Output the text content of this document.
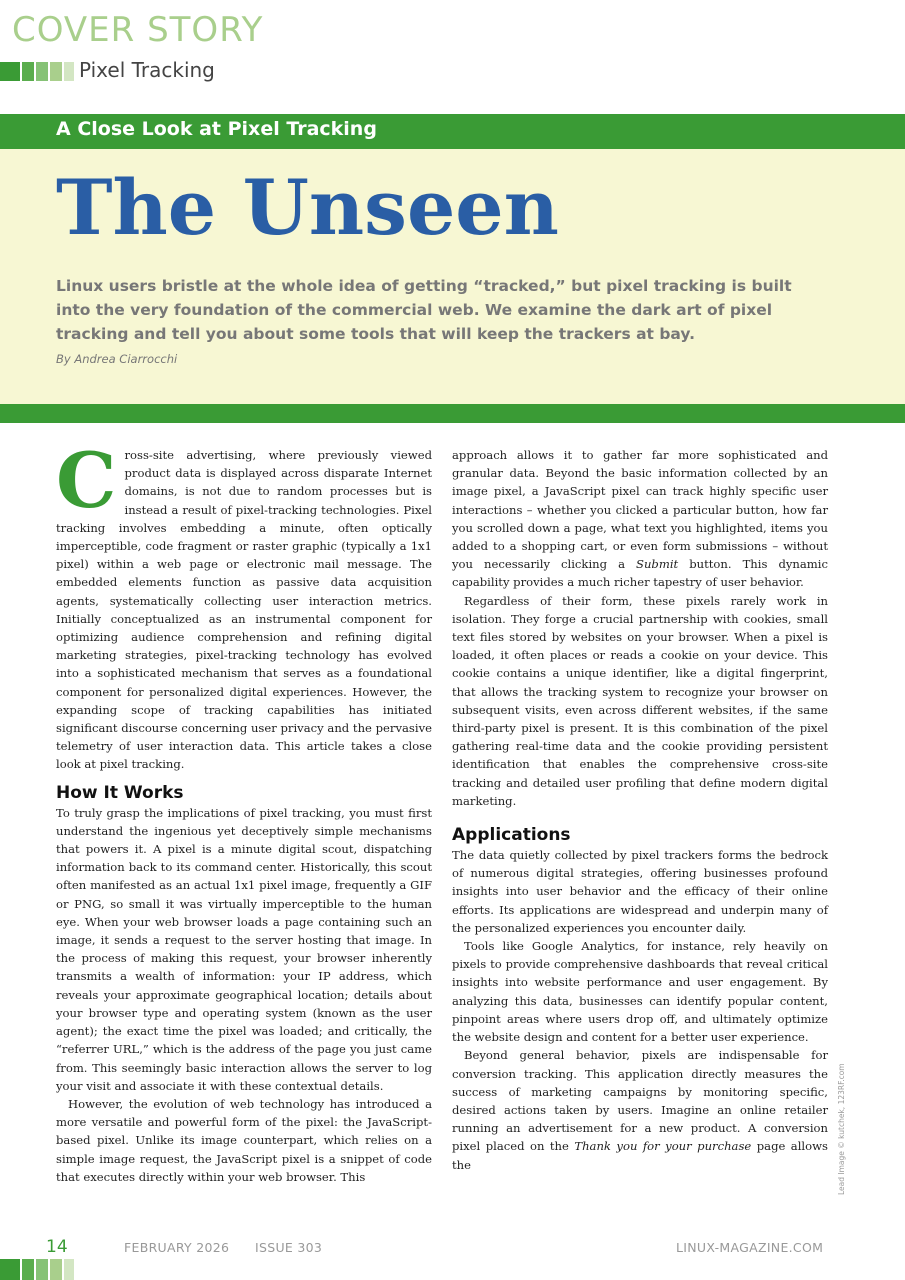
COVER STORY
Pixel Tracking
A Close Look at Pixel Tracking
The Unseen
Linux users bristle at the whole idea of getting “tracked,” but pixel tracking is built into the very foundation of the commercial web. We examine the dark art of pixel tracking and tell you about some tools that will keep the trackers at bay.
By Andrea Ciarrocchi

Cross-site advertising, where previously viewed product data is displayed across disparate Internet domains, is not due to random processes but is instead a result of pixel-tracking technologies. Pixel tracking involves embedding a minute, often optically imperceptible, code fragment or raster graphic (typically a 1x1 pixel) within a web page or electronic mail message. The embedded elements function as passive data acquisition agents, systematically collecting user interaction metrics. Initially conceptualized as an instrumental component for optimizing audience comprehension and refining digital marketing strategies, pixel-tracking technology has evolved into a sophisticated mechanism that serves as a foundational component for personalized digital experiences. However, the expanding scope of tracking capabilities has initiated significant discourse concerning user privacy and the pervasive telemetry of user interaction data. This article takes a close look at pixel tracking.

How It Works

To truly grasp the implications of pixel tracking, you must first understand the ingenious yet deceptively simple mechanisms that powers it. A pixel is a minute digital scout, dispatching information back to its command center. Historically, this scout often manifested as an actual 1x1 pixel image, frequently a GIF or PNG, so small it was virtually imperceptible to the human eye. When your web browser loads a page containing such an image, it sends a request to the server hosting that image. In the process of making this request, your browser inherently transmits a wealth of information: your IP address, which reveals your approximate geographical location; details about your browser type and operating system (known as the user agent); the exact time the pixel was loaded; and critically, the “referrer URL,” which is the address of the page you just came from. This seemingly basic interaction allows the server to log your visit and associate it with these contextual details.

However, the evolution of web technology has introduced a more versatile and powerful form of the pixel: the JavaScript-based pixel. Unlike its image counterpart, which relies on a simple image request, the JavaScript pixel is a snippet of code that executes directly within your web browser. This

approach allows it to gather far more sophisticated and granular data. Beyond the basic information collected by an image pixel, a JavaScript pixel can track highly specific user interactions – whether you clicked a particular button, how far you scrolled down a page, what text you highlighted, items you added to a shopping cart, or even form submissions – without you necessarily clicking a Submit button. This dynamic capability provides a much richer tapestry of user behavior.

Regardless of their form, these pixels rarely work in isolation. They forge a crucial partnership with cookies, small text files stored by websites on your browser. When a pixel is loaded, it often places or reads a cookie on your device. This cookie contains a unique identifier, like a digital fingerprint, that allows the tracking system to recognize your browser on subsequent visits, even across different websites, if the same third-party pixel is present. It is this combination of the pixel gathering real-time data and the cookie providing persistent identification that enables the comprehensive cross-site tracking and detailed user profiling that define modern digital marketing.

Applications

The data quietly collected by pixel trackers forms the bedrock of numerous digital strategies, offering businesses profound insights into user behavior and the efficacy of their online efforts. Its applications are widespread and underpin many of the personalized experiences you encounter daily.

Tools like Google Analytics, for instance, rely heavily on pixels to provide comprehensive dashboards that reveal critical insights into website performance and user engagement. By analyzing this data, businesses can identify popular content, pinpoint areas where users drop off, and ultimately optimize the website design and content for a better user experience.

Beyond general behavior, pixels are indispensable for conversion tracking. This application directly measures the success of marketing campaigns by monitoring specific, desired actions taken by users. Imagine an online retailer running an advertisement for a new product. A conversion pixel placed on the Thank you for your purchase page allows the	Lead Image © kutchek, 123RF.com
14	FEBRUARY 2026 ISSUE 303	LINUX-MAGAZINE.COM
